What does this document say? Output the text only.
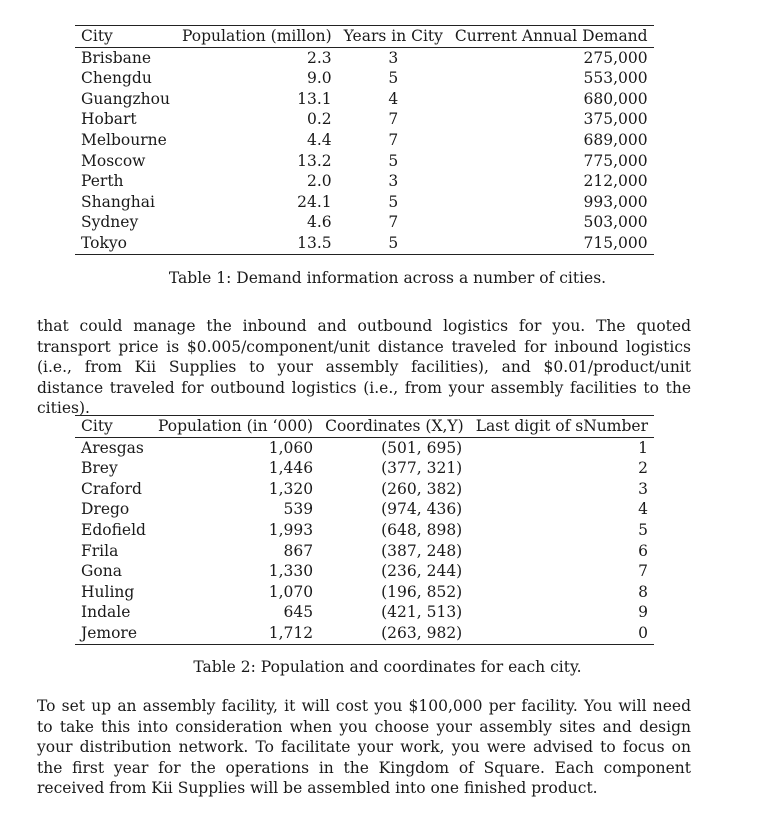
City	Population (millon)	Years in City	Current Annual Demand
Brisbane	2.3	3	275,000
Chengdu	9.0	5	553,000
Guangzhou	13.1	4	680,000
Hobart	0.2	7	375,000
Melbourne	4.4	7	689,000
Moscow	13.2	5	775,000
Perth	2.0	3	212,000
Shanghai	24.1	5	993,000
Sydney	4.6	7	503,000
Tokyo	13.5	5	715,000
Table 1: Demand information across a number of cities.

that could manage the inbound and outbound logistics for you. The quoted transport price is $0.005/component/unit distance traveled for inbound logistics (i.e., from Kii Supplies to your assembly facilities), and $0.01/product/unit distance traveled for outbound logistics (i.e., from your assembly facilities to the cities).

City	Population (in ‘000)	Coordinates (X,Y)	Last digit of sNumber
Aresgas	1,060	(501, 695)	1
Brey	1,446	(377, 321)	2
Craford	1,320	(260, 382)	3
Drego	539	(974, 436)	4
Edofield	1,993	(648, 898)	5
Frila	867	(387, 248)	6
Gona	1,330	(236, 244)	7
Huling	1,070	(196, 852)	8
Indale	645	(421, 513)	9
Jemore	1,712	(263, 982)	0
Table 2: Population and coordinates for each city.

To set up an assembly facility, it will cost you $100,000 per facility. You will need to take this into consideration when you choose your assembly sites and design your distribution network. To facilitate your work, you were advised to focus on the first year for the operations in the Kingdom of Square. Each component received from Kii Supplies will be assembled into one finished product.
